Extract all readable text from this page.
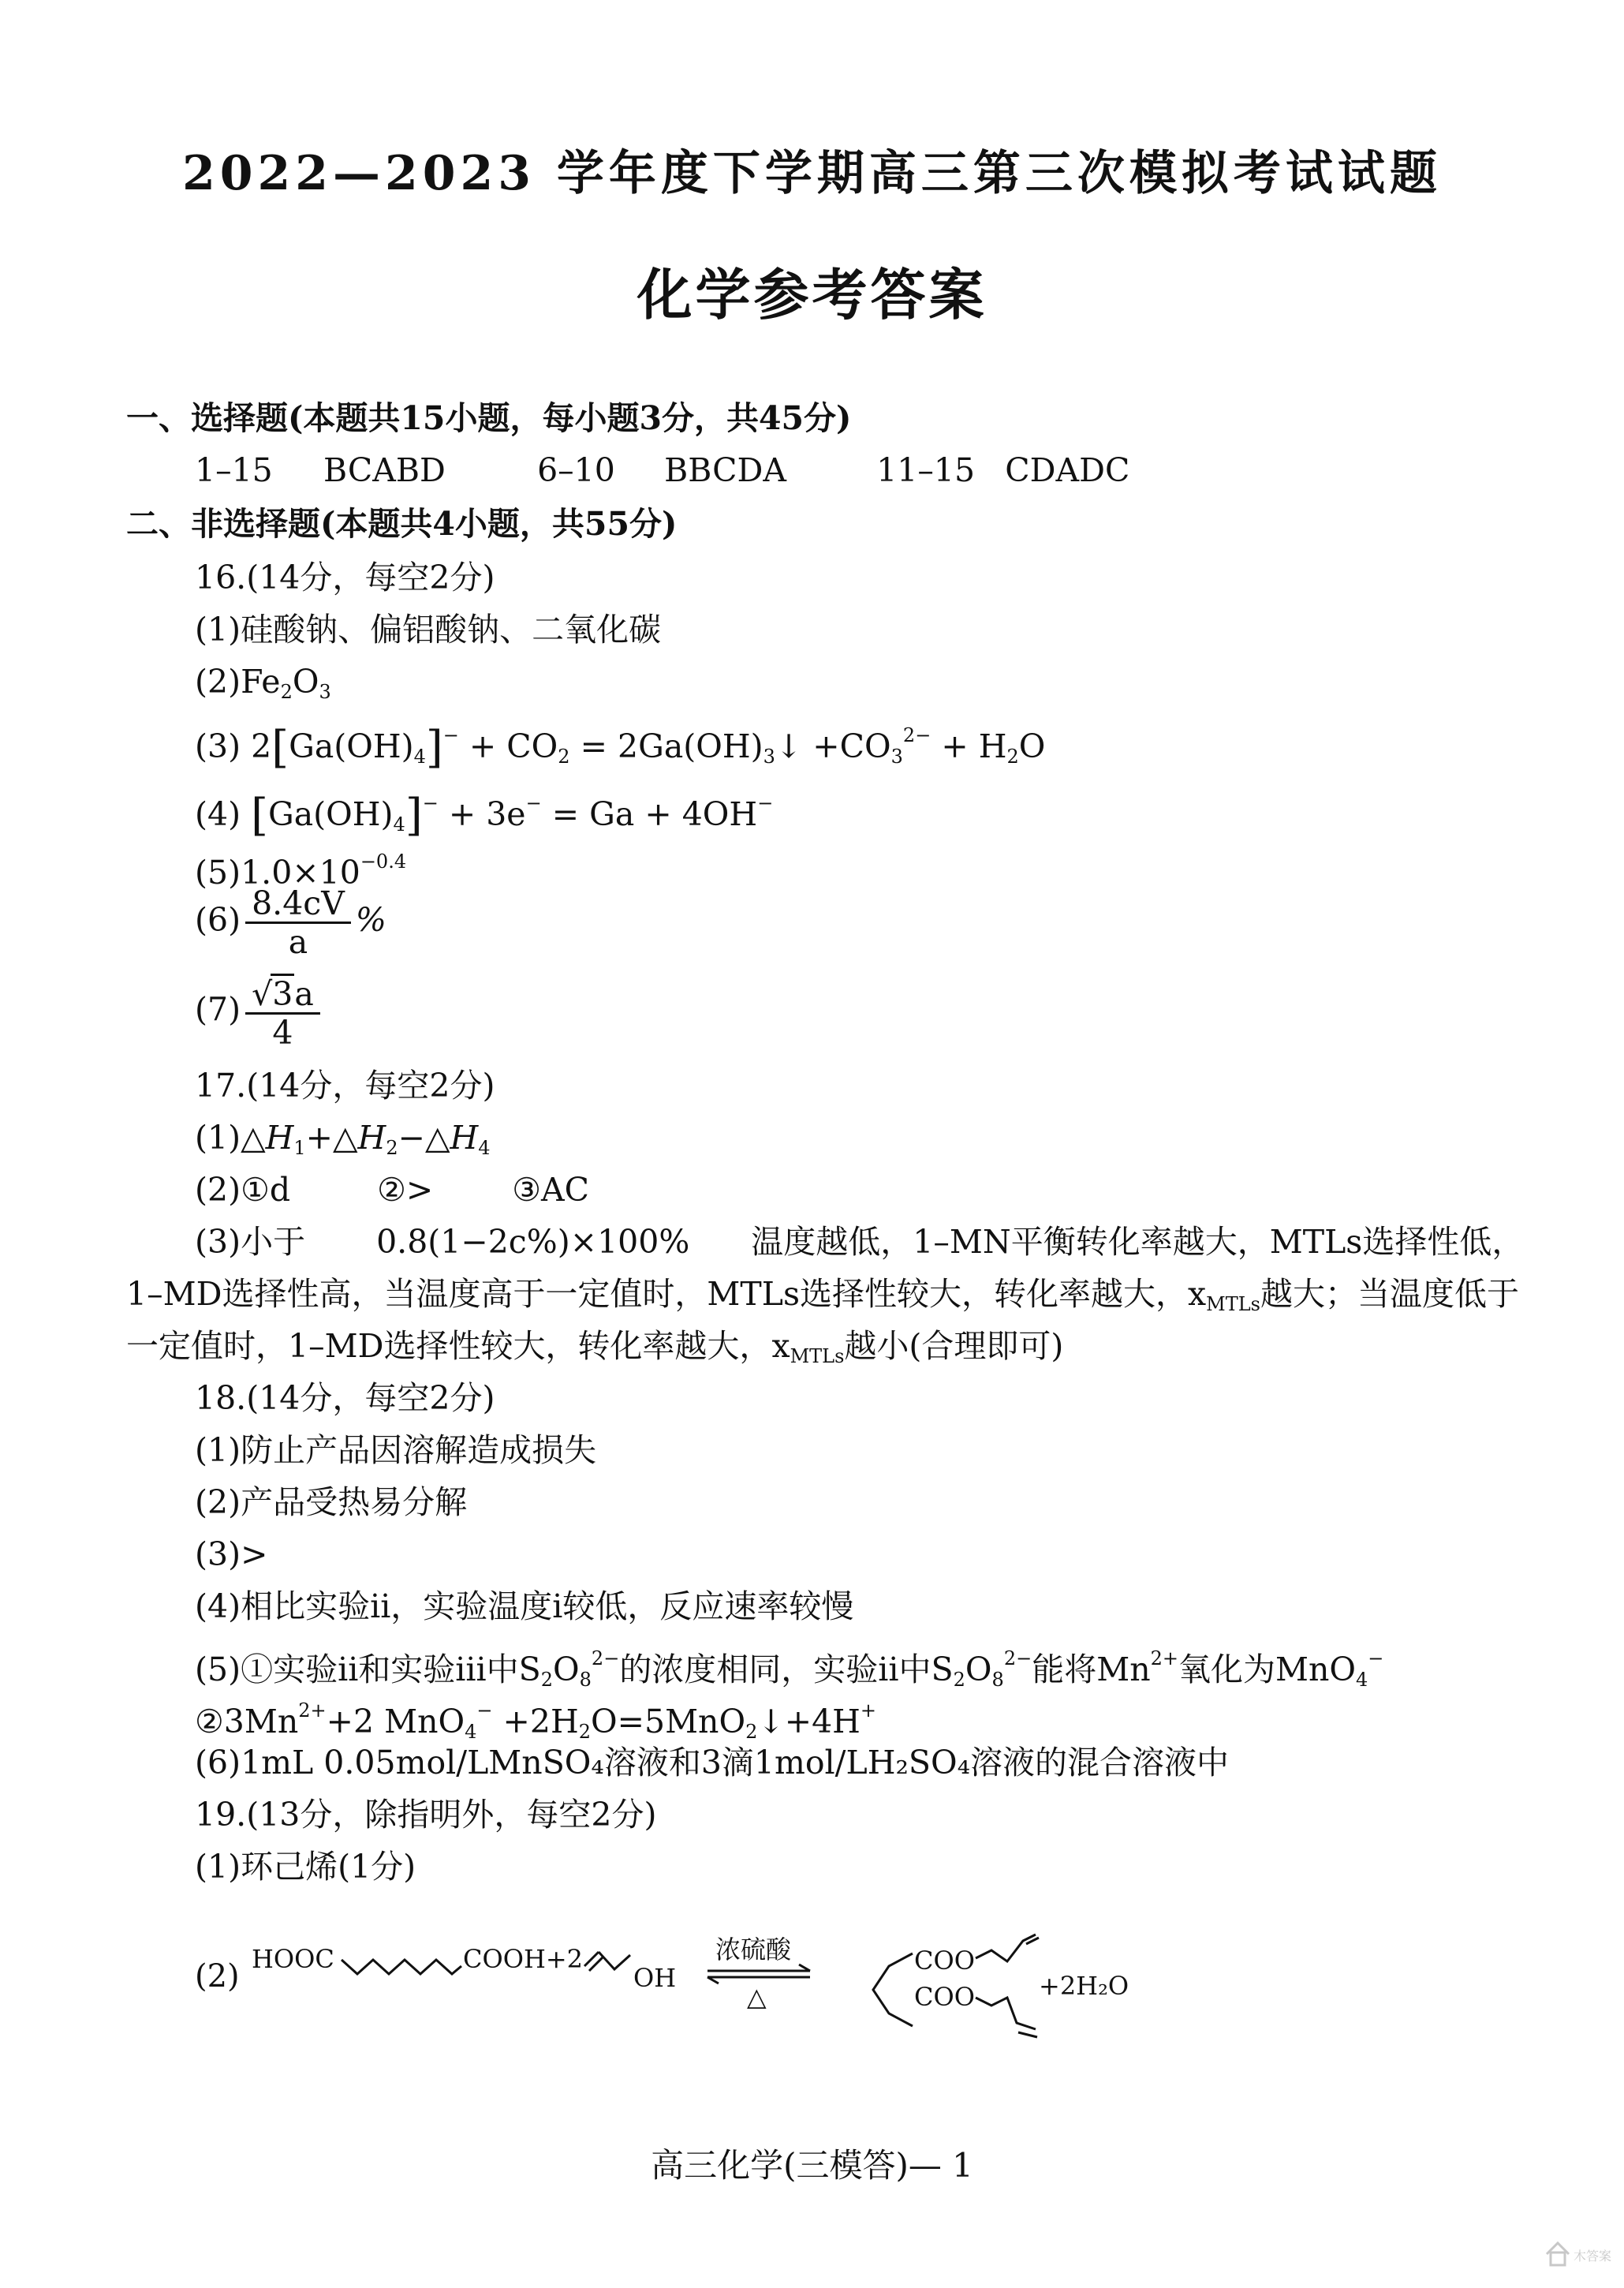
2022—2023 学年度下学期高三第三次模拟考试试题
化学参考答案
一、选择题(本题共15小题，每小题3分，共45分)
1–15 BCABD	6–10 BBCDA	11–15 CDADC
二、非选择题(本题共4小题，共55分)
16.(14分，每空2分)
(1)硅酸钠、偏铝酸钠、二氧化碳
$(2)Fe_2O_3$
(3) $2[Ga(OH)_4]^- + CO_2$ = $2Ga(OH)_3↓ +CO_3^{2-} + H_2O$
(4) $[Ga(OH)_4]^- + 3e^- = Ga + 4OH^-$
$(5)1.0\times 10^{-0.4}$
$(6) \frac{8.4cV}{a}$ %
$(7) \frac{√3a}{4}$
17.(14分，每空2分)
$(1)\triangle H_1+\triangle H_2-\triangle H_4$
(2)①d	②> ③AC
(3)小于 0.8(1−2c%)×100% 温度越低，1–MN平衡转化率越大，MTLs选择性低，
1–MD选择性高，当温度高于一定值时，MTLs选择性较大，转化率越大，$x_{MTLs}$越大；当温度低于
一定值时，1–MD选择性较大，转化率越大，$x_{MTLs}$越小(合理即可)
18.(14分，每空2分)
(1)防止产品因溶解造成损失
(2)产品受热易分解
(3)>
(4)相比实验ii，实验温度i较低，反应速率较慢
(5)①实验ii和实验iii中$S_2O_8^{2-}$的浓度相同，实验ii中$S_2O_8^{2-}$能将$Mn^{2+}$氧化为MnO$_4$−
$②3Mn^{2+}+2$ $MnO_4^- +2H_2O=5MnO_2↓+4H^+$
(6)1mL 0.05mol/LMnSO₄溶液和3滴1mol/LH₂SO₄溶液的混合溶液中
19.(13分，除指明外，每空2分)
(1)环己烯(1分)
(2) HOOC	COOH+2
OH
浓硫酸
△
COO
COO	+2H₂O
高三化学(三模答)— 1
木答案
